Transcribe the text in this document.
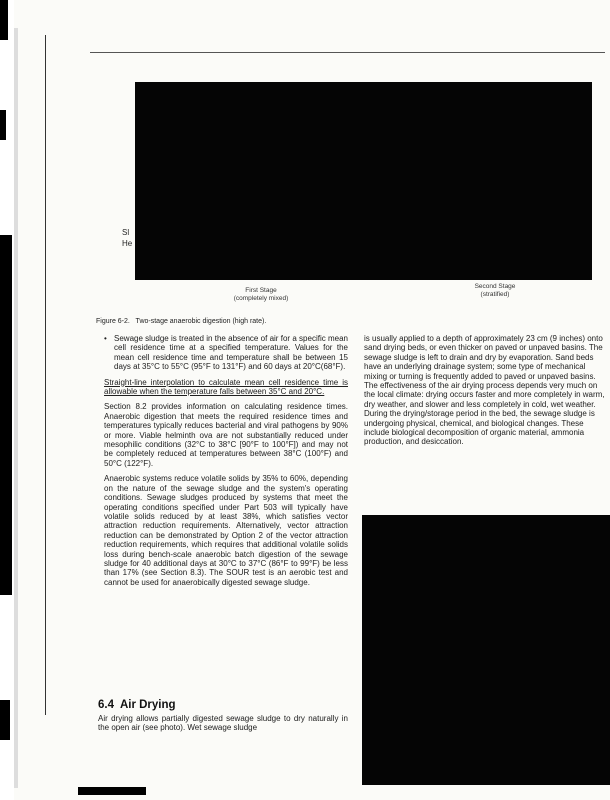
Sl
He
First Stage
(completely mixed)
Second Stage
(stratified)
Figure 6-2.   Two-stage anaerobic digestion (high rate).

• Sewage sludge is treated in the absence of air for a specific mean cell residence time at a specified temperature. Values for the mean cell residence time and temperature shall be between 15 days at 35°C to 55°C (95°F to 131°F) and 60 days at 20°C(68°F).

Straight-line interpolation to calculate mean cell residence time is allowable when the temperature falls between 35°C and 20°C.

Section 8.2 provides information on calculating residence times. Anaerobic digestion that meets the required residence times and temperatures typically reduces bacterial and viral pathogens by 90% or more. Viable helminth ova are not substantially reduced under mesophilic conditions (32°C to 38°C [90°F to 100°F]) and may not be completely reduced at temperatures between 38°C (100°F) and 50°C (122°F).

Anaerobic systems reduce volatile solids by 35% to 60%, depending on the nature of the sewage sludge and the system's operating conditions. Sewage sludges produced by systems that meet the operating conditions specified under Part 503 will typically have volatile solids reduced by at least 38%, which satisfies vector attraction reduction requirements. Alternatively, vector attraction reduction can be demonstrated by Option 2 of the vector attraction reduction requirements, which requires that additional volatile solids loss during bench-scale anaerobic batch digestion of the sewage sludge for 40 additional days at 30°C to 37°C (86°F to 99°F) be less than 17% (see Section 8.3). The SOUR test is an aerobic test and cannot be used for anaerobically digested sewage sludge.

6.4  Air Drying
Air drying allows partially digested sewage sludge to dry naturally in the open air (see photo). Wet sewage sludge
is usually applied to a depth of approximately 23 cm (9 inches) onto sand drying beds, or even thicker on paved or unpaved basins. The sewage sludge is left to drain and dry by evaporation. Sand beds have an underlying drainage system; some type of mechanical mixing or turning is frequently added to paved or unpaved basins. The effectiveness of the air drying process depends very much on the local climate: drying occurs faster and more completely in warm, dry weather, and slower and less completely in cold, wet weather. During the drying/storage period in the bed, the sewage sludge is undergoing physical, chemical, and biological changes. These include biological decomposition of organic material, ammonia production, and desiccation.
